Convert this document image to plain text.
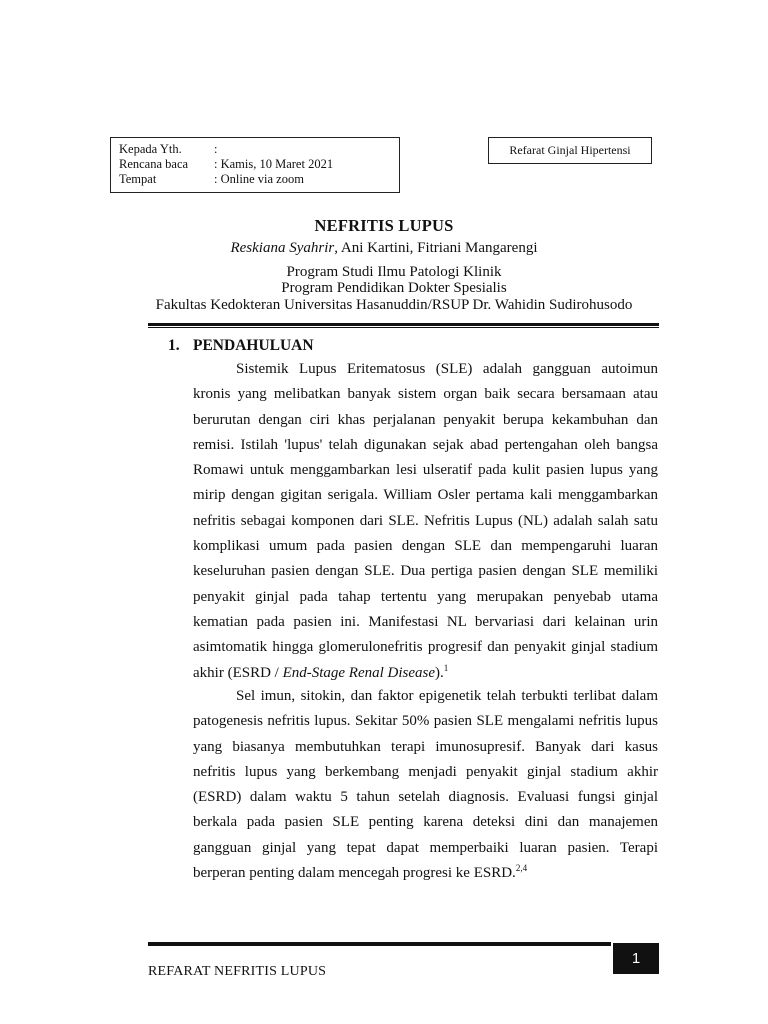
Kepada Yth.	:
Rencana baca	: Kamis, 10 Maret 2021
Tempat	: Online via zoom
Refarat Ginjal Hipertensi
NEFRITIS LUPUS
Reskiana Syahrir, Ani Kartini, Fitriani Mangarengi
Program Studi Ilmu Patologi Klinik
Program Pendidikan Dokter Spesialis
Fakultas Kedokteran Universitas Hasanuddin/RSUP Dr. Wahidin Sudirohusodo
1. PENDAHULUAN

Sistemik Lupus Eritematosus (SLE) adalah gangguan autoimun kronis yang melibatkan banyak sistem organ baik secara bersamaan atau berurutan dengan ciri khas perjalanan penyakit berupa kekambuhan dan remisi. Istilah 'lupus' telah digunakan sejak abad pertengahan oleh bangsa Romawi untuk menggambarkan lesi ulseratif pada kulit pasien lupus yang mirip dengan gigitan serigala. William Osler pertama kali menggambarkan nefritis sebagai komponen dari SLE. Nefritis Lupus (NL) adalah salah satu komplikasi umum pada pasien dengan SLE dan mempengaruhi luaran keseluruhan pasien dengan SLE. Dua pertiga pasien dengan SLE memiliki penyakit ginjal pada tahap tertentu yang merupakan penyebab utama kematian pada pasien ini. Manifestasi NL bervariasi dari kelainan urin asimtomatik hingga glomerulonefritis progresif dan penyakit ginjal stadium akhir (ESRD / End-Stage Renal Disease).$^1$

Sel imun, sitokin, dan faktor epigenetik telah terbukti terlibat dalam patogenesis nefritis lupus. Sekitar 50% pasien SLE mengalami nefritis lupus yang biasanya membutuhkan terapi imunosupresif. Banyak dari kasus nefritis lupus yang berkembang menjadi penyakit ginjal stadium akhir (ESRD) dalam waktu 5 tahun setelah diagnosis. Evaluasi fungsi ginjal berkala pada pasien SLE penting karena deteksi dini dan manajemen gangguan ginjal yang tepat dapat memperbaiki luaran pasien. Terapi berperan penting dalam mencegah progresi ke ESRD.$^{2,4}$

1
REFARAT NEFRITIS LUPUS
